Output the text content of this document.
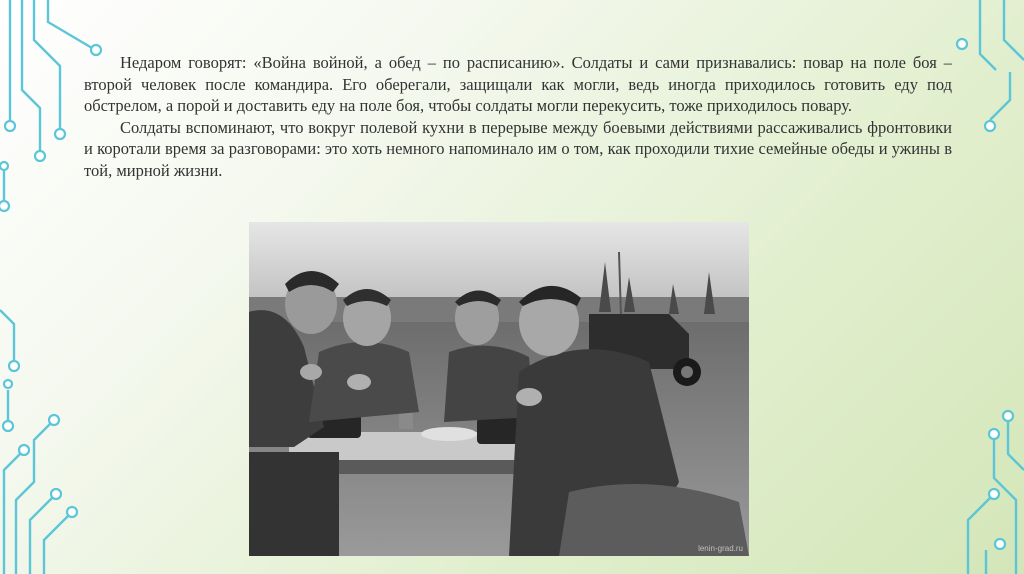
Недаром говорят: «Война войной, а обед – по расписанию». Солдаты и сами признавались: повар на поле боя – второй человек после командира. Его оберегали, защищали как могли, ведь иногда приходилось готовить еду под обстрелом, а порой и доставить еду на поле боя, чтобы солдаты могли перекусить, тоже приходилось повару.

Солдаты вспоминают, что вокруг полевой кухни в перерыве между боевыми действиями рассаживались фронтовики и коротали время за разговорами: это хоть немного напоминало им о том, как проходили тихие семейные обеды и ужины в той, мирной жизни.

lenin-grad.ru
